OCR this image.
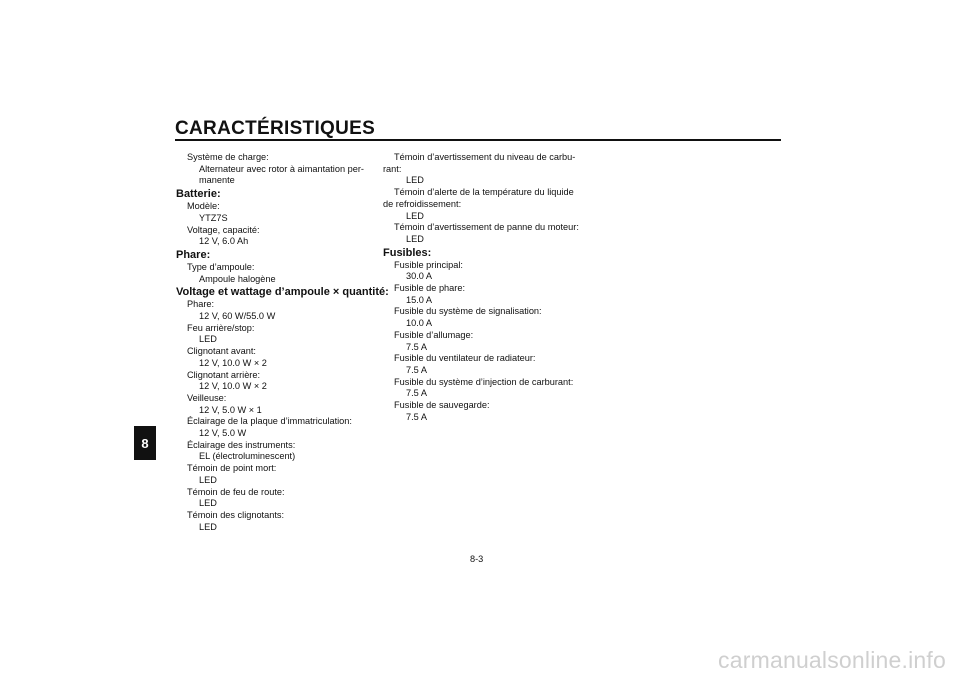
CARACTÉRISTIQUES
8
Système de charge:
Alternateur avec rotor à aimantation per-
manente
Batterie:
Modèle:
YTZ7S
Voltage, capacité:
12 V, 6.0 Ah
Phare:
Type d’ampoule:
Ampoule halogène
Voltage et wattage d’ampoule × quantité:
Phare:
12 V, 60 W/55.0 W
Feu arrière/stop:
LED
Clignotant avant:
12 V, 10.0 W × 2
Clignotant arrière:
12 V, 10.0 W × 2
Veilleuse:
12 V, 5.0 W × 1
Éclairage de la plaque d’immatriculation:
12 V, 5.0 W
Éclairage des instruments:
EL (électroluminescent)
Témoin de point mort:
LED
Témoin de feu de route:
LED
Témoin des clignotants:
LED
Témoin d’avertissement du niveau de carbu-
rant:
LED
Témoin d’alerte de la température du liquide
de refroidissement:
LED
Témoin d’avertissement de panne du moteur:
LED
Fusibles:
Fusible principal:
30.0 A
Fusible de phare:
15.0 A
Fusible du système de signalisation:
10.0 A
Fusible d’allumage:
7.5 A
Fusible du ventilateur de radiateur:
7.5 A
Fusible du système d’injection de carburant:
7.5 A
Fusible de sauvegarde:
7.5 A
8-3
carmanualsonline.info
